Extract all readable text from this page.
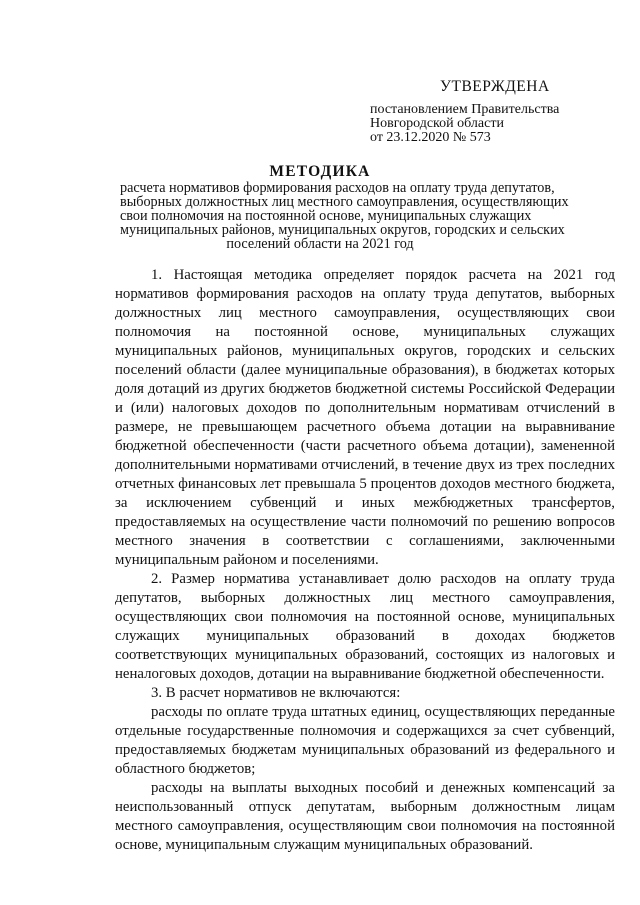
УТВЕРЖДЕНА
постановлением Правительства
Новгородской области
от 23.12.2020 № 573
МЕТОДИКА
расчета нормативов формирования расходов на оплату труда депутатов,
выборных должностных лиц местного самоуправления, осуществляющих
свои полномочия на постоянной основе, муниципальных служащих
муниципальных районов, муниципальных округов, городских и сельских
поселений области на 2021 год

1. Настоящая методика определяет порядок расчета на 2021 год нормативов формирования расходов на оплату труда депутатов, выборных должностных лиц местного самоуправления, осуществляющих свои полномочия на постоянной основе, муниципальных служащих муниципальных районов, муниципальных округов, городских и сельских поселений области (далее муниципальные образования), в бюджетах которых доля дотаций из других бюджетов бюджетной системы Российской Федерации и (или) налоговых доходов по дополнительным нормативам отчислений в размере, не превышающем расчетного объема дотации на выравнивание бюджетной обеспеченности (части расчетного объема дотации), замененной дополнительными нормативами отчислений, в течение двух из трех последних отчетных финансовых лет превышала 5 процентов доходов местного бюджета, за исключением субвенций и иных межбюджетных трансфертов, предоставляемых на осуществление части полномочий по решению вопросов местного значения в соответствии с соглашениями, заключенными муниципальным районом и поселениями.

2. Размер норматива устанавливает долю расходов на оплату труда депутатов, выборных должностных лиц местного самоуправления, осуществляющих свои полномочия на постоянной основе, муниципальных служащих муниципальных образований в доходах бюджетов соответствующих муниципальных образований, состоящих из налоговых и неналоговых доходов, дотации на выравнивание бюджетной обеспеченности.

3. В расчет нормативов не включаются:

расходы по оплате труда штатных единиц, осуществляющих переданные отдельные государственные полномочия и содержащихся за счет субвенций, предоставляемых бюджетам муниципальных образований из федерального и областного бюджетов;

расходы на выплаты выходных пособий и денежных компенсаций за неиспользованный отпуск депутатам, выборным должностным лицам местного самоуправления, осуществляющим свои полномочия на постоянной основе, муниципальным служащим муниципальных образований.
